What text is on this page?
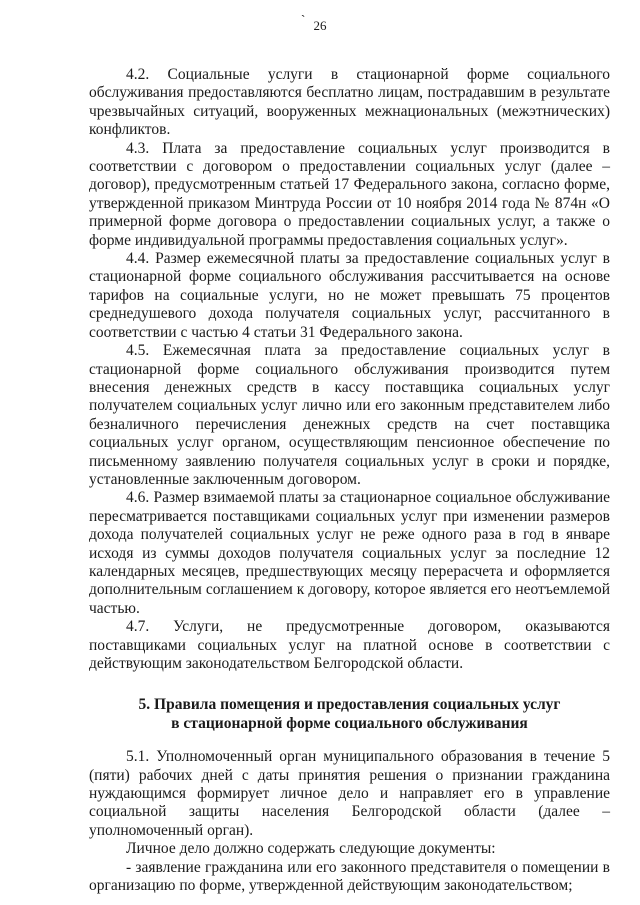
` 26

4.2. Социальные услуги в стационарной форме социального обслуживания предоставляются бесплатно лицам, пострадавшим в результате чрезвычайных ситуаций, вооруженных межнациональных (межэтнических) конфликтов.

4.3. Плата за предоставление социальных услуг производится в соответствии с договором о предоставлении социальных услуг (далее – договор), предусмотренным статьей 17 Федерального закона, согласно форме, утвержденной приказом Минтруда России от 10 ноября 2014 года № 874н «О примерной форме договора о предоставлении социальных услуг, а также о форме индивидуальной программы предоставления социальных услуг».

4.4. Размер ежемесячной платы за предоставление социальных услуг в стационарной форме социального обслуживания рассчитывается на основе тарифов на социальные услуги, но не может превышать 75 процентов среднедушевого дохода получателя социальных услуг, рассчитанного в соответствии с частью 4 статьи 31 Федерального закона.

4.5. Ежемесячная плата за предоставление социальных услуг в стационарной форме социального обслуживания производится путем внесения денежных средств в кассу поставщика социальных услуг получателем социальных услуг лично или его законным представителем либо безналичного перечисления денежных средств на счет поставщика социальных услуг органом, осуществляющим пенсионное обеспечение по письменному заявлению получателя социальных услуг в сроки и порядке, установленные заключенным договором.

4.6. Размер взимаемой платы за стационарное социальное обслуживание пересматривается поставщиками социальных услуг при изменении размеров дохода получателей социальных услуг не реже одного раза в год в январе исходя из суммы доходов получателя социальных услуг за последние 12 календарных месяцев, предшествующих месяцу перерасчета и оформляется дополнительным соглашением к договору, которое является его неотъемлемой частью.

4.7. Услуги, не предусмотренные договором, оказываются поставщиками социальных услуг на платной основе в соответствии с действующим законодательством Белгородской области.

5. Правила помещения и предоставления социальных услуг
в стационарной форме социального обслуживания

5.1. Уполномоченный орган муниципального образования в течение 5 (пяти) рабочих дней с даты принятия решения о признании гражданина нуждающимся формирует личное дело и направляет его в управление социальной защиты населения Белгородской области (далее – уполномоченный орган).

Личное дело должно содержать следующие документы:

- заявление гражданина или его законного представителя о помещении в организацию по форме, утвержденной действующим законодательством;
